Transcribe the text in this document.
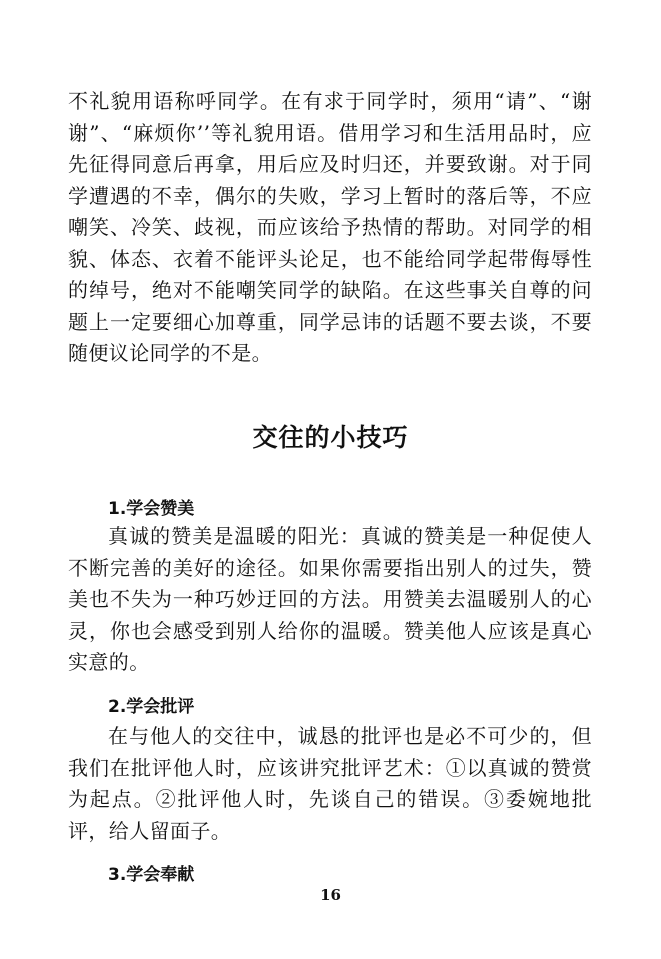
不礼貌用语称呼同学。在有求于同学时，须用“请”、“谢谢”、“麻烦你’’等礼貌用语。借用学习和生活用品时，应先征得同意后再拿，用后应及时归还，并要致谢。对于同学遭遇的不幸，偶尔的失败，学习上暂时的落后等，不应嘲笑、冷笑、歧视，而应该给予热情的帮助。对同学的相貌、体态、衣着不能评头论足，也不能给同学起带侮辱性的绰号，绝对不能嘲笑同学的缺陷。在这些事关自尊的问题上一定要细心加尊重，同学忌讳的话题不要去谈，不要随便议论同学的不是。

交往的小技巧
1.学会赞美

真诚的赞美是温暖的阳光：真诚的赞美是一种促使人不断完善的美好的途径。如果你需要指出别人的过失，赞美也不失为一种巧妙迂回的方法。用赞美去温暖别人的心灵，你也会感受到别人给你的温暖。赞美他人应该是真心实意的。

2.学会批评

在与他人的交往中，诚恳的批评也是必不可少的，但我们在批评他人时，应该讲究批评艺术：①以真诚的赞赏为起点。②批评他人时，先谈自己的错误。③委婉地批评，给人留面子。

3.学会奉献
16
